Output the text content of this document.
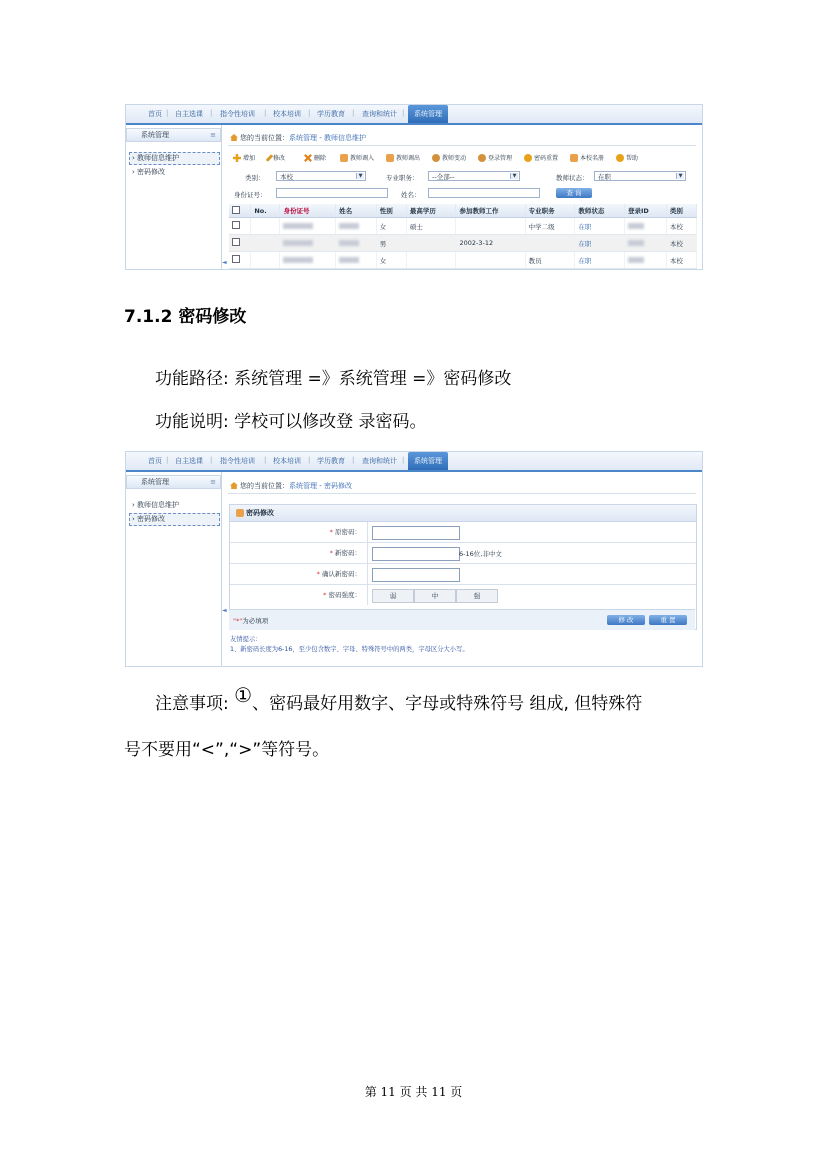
首页 | 自主选课 | 指令性培训 | 校本培训 | 学历教育 | 查询和统计 |	系统管理
系统管理	≡
› 教师信息维护
› 密码修改
◄
您的当前位置：系统管理 - 教师信息维护
增加	修改	删除	教师调入	教师调出	教师变动	登录管理	密码重置	本校名册	帮助
类别：	本校	▼	专业职务：	--全部--	▼	教师状态：	在职	▼
身份证号：	姓名：	查 询
	No.	身份证号	姓名	性别	最高学历	参加教师工作	专业职务	教师状态	登录ID	类别
				女	硕士		中学二级	在职		本校
				男		2002-3-12		在职		本校
				女			教员	在职		本校
7.1.2 密码修改
功能路径: 系统管理 =》系统管理 =》密码修改
功能说明: 学校可以修改登 录密码。
首页 | 自主选课 | 指令性培训 | 校本培训 | 学历教育 | 查询和统计 |	系统管理
系统管理	≡
› 教师信息维护
› 密码修改
◄
您的当前位置：系统管理 - 密码修改
密码修改
* 原密码：
* 新密码：	6-16位,非中文
* 确认新密码：
* 密码强度：	弱	中	强
"*"为必填项	修 改	重 置
友情提示：
1、新密码长度为6-16，至少包含数字、字母、特殊符号中的两类，字母区分大小写。
注意事项: ①、密码最好用数字、字母或特殊符号 组成, 但特殊符
号不要用“<”,“>”等符号。
第 11 页 共 11 页
